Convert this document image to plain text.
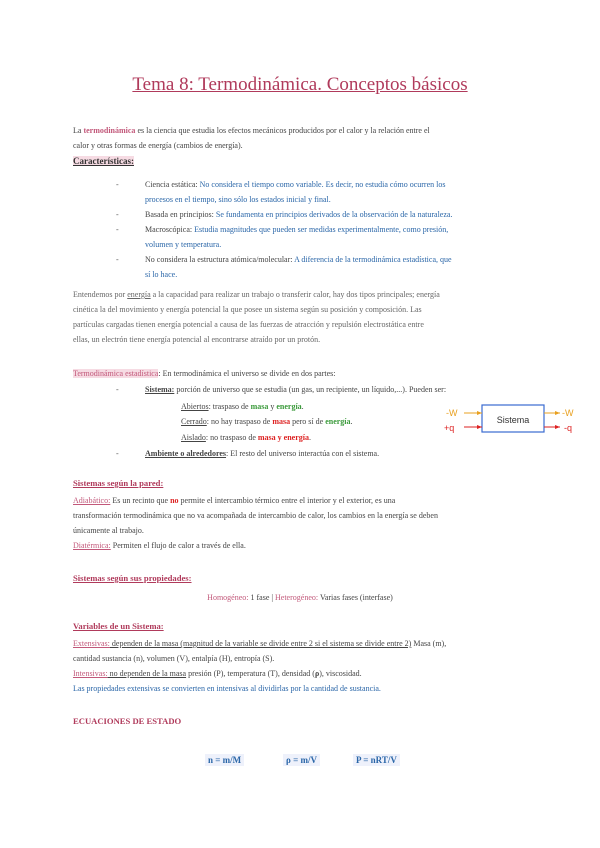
Tema 8: Termodinámica. Conceptos básicos
La termodinámica es la ciencia que estudia los efectos mecánicos producidos por el calor y la relación entre el
calor y otras formas de energía (cambios de energía).
Características:
-	Ciencia estática: No considera el tiempo como variable. Es decir, no estudia cómo ocurren los
procesos en el tiempo, sino sólo los estados inicial y final.
-	Basada en principios: Se fundamenta en principios derivados de la observación de la naturaleza.
-	Macroscópica: Estudia magnitudes que pueden ser medidas experimentalmente, como presión,
volumen y temperatura.
-	No considera la estructura atómica/molecular: A diferencia de la termodinámica estadística, que
sí lo hace.
Entendemos por energía a la capacidad para realizar un trabajo o transferir calor, hay dos tipos principales; energía
cinética la del movimiento y energía potencial la que posee un sistema según su posición y composición. Las
partículas cargadas tienen energía potencial a causa de las fuerzas de atracción y repulsión electrostática entre
ellas, un electrón tiene energía potencial al encontrarse atraído por un protón.
Termodinámica estadística: En termodinámica el universo se divide en dos partes:
-	Sistema: porción de universo que se estudia (un gas, un recipiente, un líquido,...). Pueden ser:
Abiertos: traspaso de masa y energía.
Cerrado: no hay traspaso de masa pero sí de energía.
Aislado: no traspaso de masa y energía.
-	Ambiente o alrededores: El resto del universo interactúa con el sistema.
Sistema
-W
+q
-W
-q
Sistemas según la pared:
Adiabático: Es un recinto que no permite el intercambio térmico entre el interior y el exterior, es una
transformación termodinámica que no va acompañada de intercambio de calor, los cambios en la energía se deben
únicamente al trabajo.
Diatérmica: Permiten el flujo de calor a través de ella.
Sistemas según sus propiedades:
Homogéneo: 1 fase | Heterogéneo: Varias fases (interfase)
Variables de un Sistema:
Extensivas: dependen de la masa (magnitud de la variable se divide entre 2 si el sistema se divide entre 2) Masa (m),
cantidad sustancia (n), volumen (V), entalpía (H), entropía (S).
Intensivas: no dependen de la masa presión (P), temperatura (T), densidad (ρ), viscosidad.
Las propiedades extensivas se convierten en intensivas al dividirlas por la cantidad de sustancia.
ECUACIONES DE ESTADO
n = m/M	ρ = m/V	P = nRT/V
